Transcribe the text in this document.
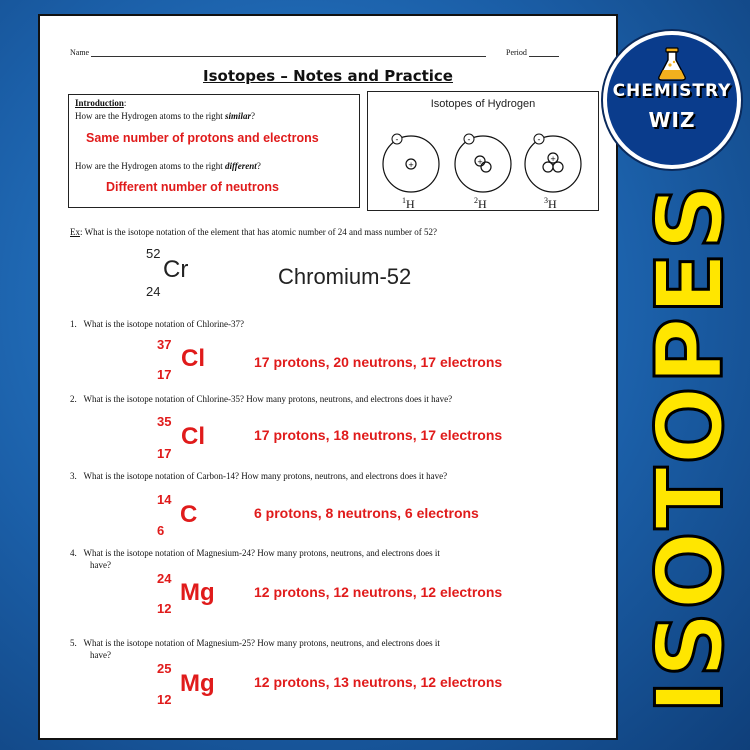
Name	Period
Isotopes – Notes and Practice
Introduction:
How are the Hydrogen atoms to the right similar?
Same number of protons and electrons
How are the Hydrogen atoms to the right different?
Different number of neutrons
Isotopes of Hydrogen
+
-
+
-
+
-
$^1$H	$^2$H	$^3$H
Ex: What is the isotope notation of the element that has atomic number of 24 and mass number of 52?
52
Cr
24
Chromium-52
1. What is the isotope notation of Chlorine-37?
37
Cl
17
17 protons, 20 neutrons, 17 electrons
2. What is the isotope notation of Chlorine-35? How many protons, neutrons, and electrons does it have?
35
Cl
17
17 protons, 18 neutrons, 17 electrons
3. What is the isotope notation of Carbon-14? How many protons, neutrons, and electrons does it have?
14
C
6
6 protons, 8 neutrons, 6 electrons
4. What is the isotope notation of Magnesium-24? How many protons, neutrons, and electrons does it
have?
24
Mg
12
12 protons, 12 neutrons, 12 electrons
5. What is the isotope notation of Magnesium-25? How many protons, neutrons, and electrons does it
have?
25
Mg
12
12 protons, 13 neutrons, 12 electrons
CHEMISTRY
WIZ
ISOTOPES
